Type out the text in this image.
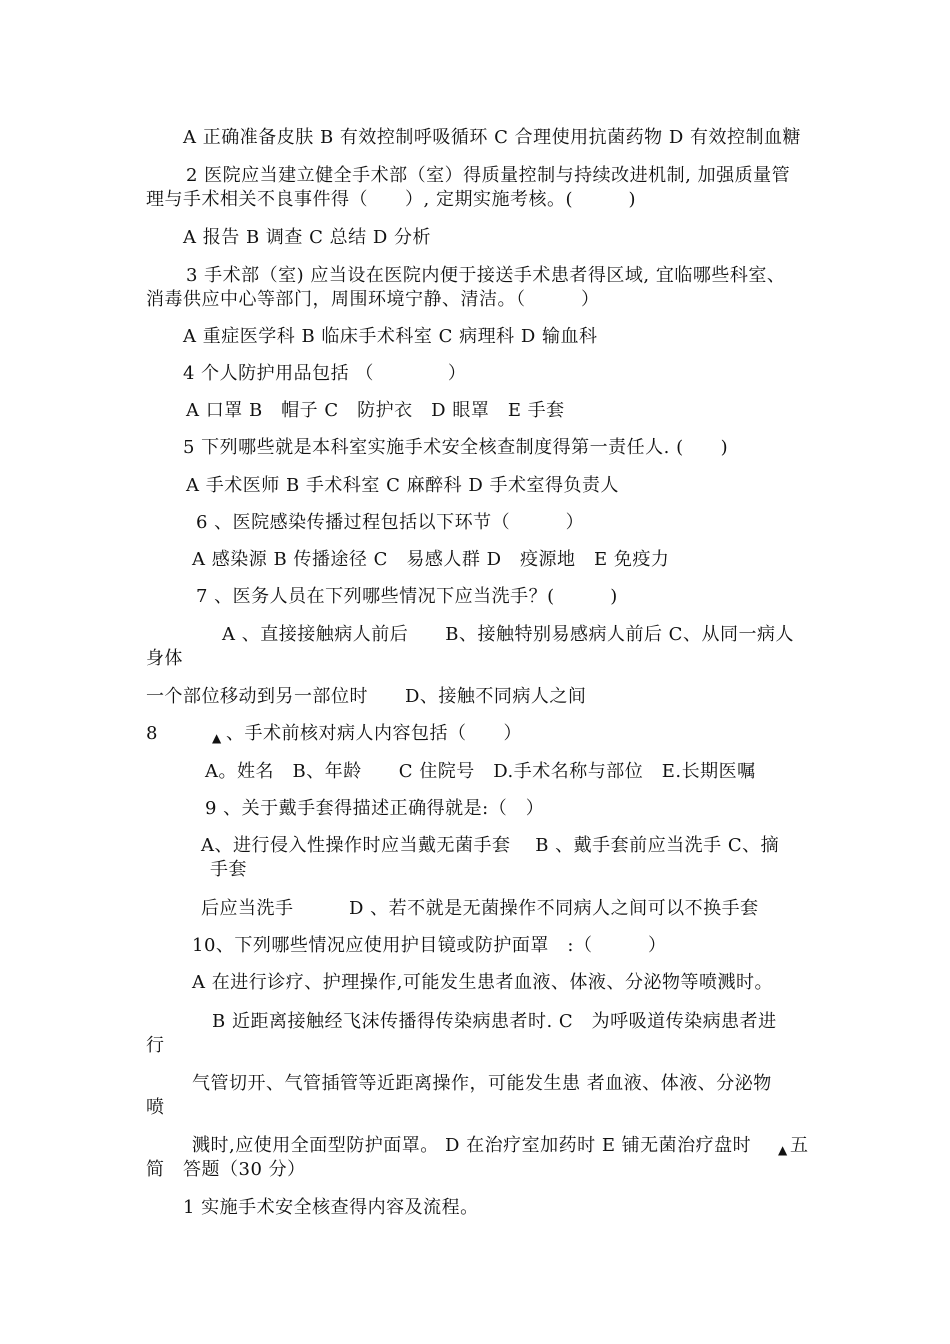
A 正确准备皮肤 B 有效控制呼吸循环 C 合理使用抗菌药物 D 有效控制血糖
2 医院应当建立健全手术部（室）得质量控制与持续改进机制, 加强质量管
理与手术相关不良事件得（　　）, 定期实施考核。(　　　)
A 报告 B 调查 C 总结 D 分析
3 手术部（室) 应当设在医院内便于接送手术患者得区域, 宜临哪些科室、
消毒供应中心等部门，周围环境宁静、清洁。（　　　）
A 重症医学科 B 临床手术科室 C 病理科 D 输血科
4 个人防护用品包括 （　　　　）
A 口罩 B　帽子 C　防护衣　D 眼罩　E 手套
5 下列哪些就是本科室实施手术安全核查制度得第一责任人. (　　)
A 手术医师 B 手术科室 C 麻醉科 D 手术室得负责人
6 、医院感染传播过程包括以下环节（　　　）
A 感染源 B 传播途径 C　易感人群 D　疫源地　E 免疫力
7 、医务人员在下列哪些情况下应当洗手？(　　　)
A 、直接接触病人前后　　B、接触特别易感病人前后 C、从同一病人
身体
一个部位移动到另一部位时　　D、接触不同病人之间
8	▲ 、手术前核对病人内容包括（　　）
A。姓名　B、年龄　　C 住院号　D.手术名称与部位　E.长期医嘱
9 、关于戴手套得描述正确得就是:（　）
A、进行侵入性操作时应当戴无菌手套　 B 、戴手套前应当洗手 C、摘
手套
后应当洗手　　　D 、若不就是无菌操作不同病人之间可以不换手套
10、下列哪些情况应使用护目镜或防护面罩　:（　　　）
A 在进行诊疗、护理操作,可能发生患者血液、体液、分泌物等喷溅时。
B 近距离接触经飞沫传播得传染病患者时. C　为呼吸道传染病患者进
行
气管切开、气管插管等近距离操作，可能发生患 者血液、体液、分泌物
喷
溅时,应使用全面型防护面罩。 D 在治疗室加药时 E 铺无菌治疗盘时 ▲ 五
简　答题（30 分）
1 实施手术安全核查得内容及流程。
